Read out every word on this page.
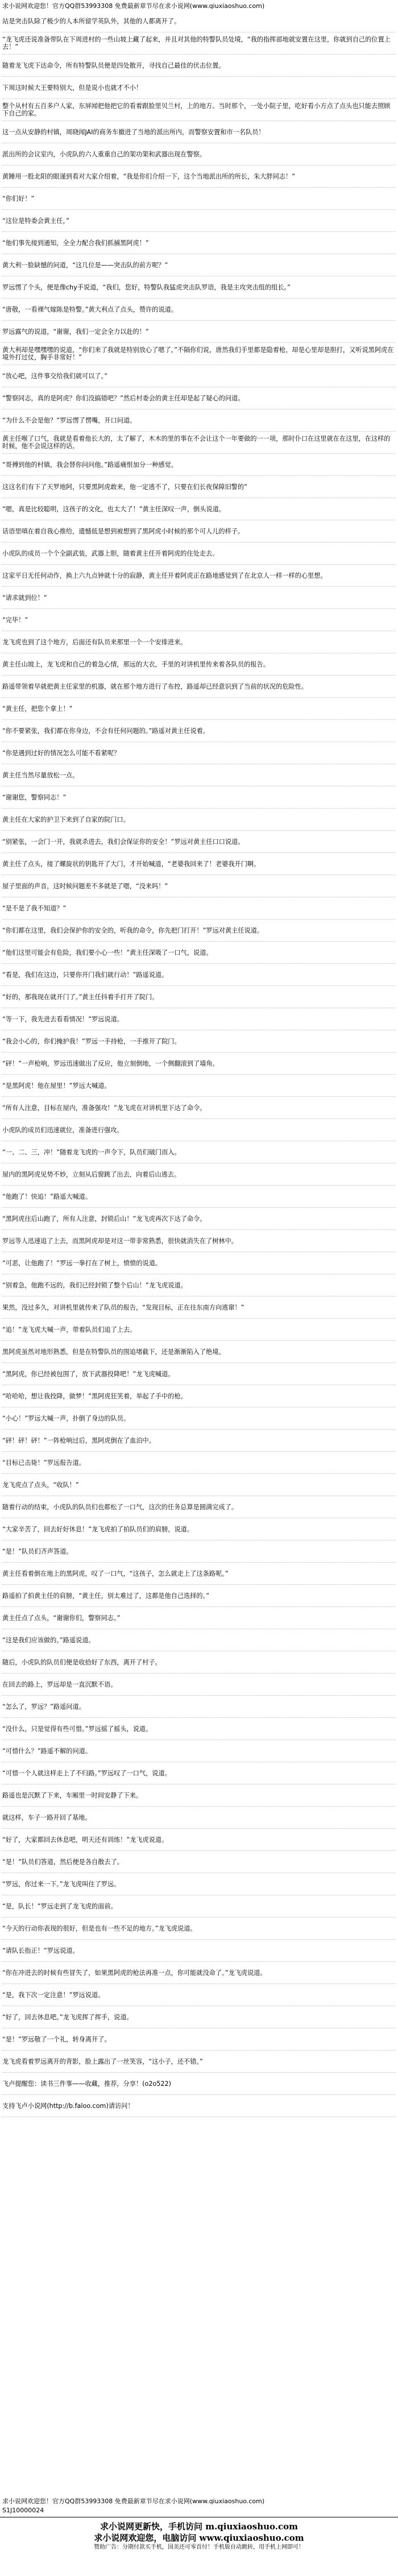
求小说网欢迎您！官方QQ群53993308 免费最新章节尽在求小说网(www.qiuxiaoshuo.com)

站是突击队除了极少的人本所留学英队外，其他的人都离开了。

“龙飞虎还说准备带队在下周进村的一些山坡上藏了起来，并且对其他的特警队员处境，“我的指挥部地就安置在这里，你就到自己的位置上去！”

随着龙飞虎下达命令，所有特警队员便是四处散开，寻找自己最佳的伏击位置。

下周这时候大王要特别大，但是说小也就才不小！

整个从村有五百多户人家，东屏闻把他把它的看着跟脸里贝兰村，上的地方。当时那个，一处小院子里，吃好看小方点了点头也只能去照顾下自己的家。

这一点从安静的村镇，周晓闻JAI的商务车撤进了当地的派出所内，而警察安置和市一名队员！

派出所的会议室内，小虎队的六人重重自己的架功架和武器出现在警察。

黄睡用一股北阳的眼谨到看对大家介绍着，“我是你们介绍一下，这个当地派出所的所长，朱大胖同志！”

“你们好！”

“这位是特委会黄主任，”

“他们事先接到通知，全全力配合我们抓捕黑阿虎！”

黄大利一脸缺憾的问道，“这几位是——突击队的前方呢？”

罗远愣了个头，便是像chy手说道，“我们，您好，特警队我猛虎突击队罗语，我是主攻突击组的组长。”

“唐敬，一看裸气嫁陈是特警。”黄大利点了点头，赞许的说道。

罗远露气的说道，“谢谢，我们一定会全力以赴的！”

黄大利却是嘿嘿嘿的说道，“你们来了我就是特别放心了嗯了。”不隔你们说，唐然我们手里都是隐着枪，却是心里却是胆打，又听说黑阿虎在境外打过仗，胸手非常好！”

“放心吧，这件事交给我们就可以了。”

“警察同志，真的是阿虎？你们没搞错吧？”然后村委会的黄主任却是起了疑心的问道。

“为什么不会是他？”罗远愣了愣嘴，开口问道。

黄主任喉了口气，我就是看着他长大的，太了解了，木木的里的事在不会让这个一年要做的一一项，那时仆口在这里就在在这里，在这样的时候，他不会说这样的话。

“哥搏到他的村镇，我会替你问问他。”路遥痛恨加分一种感觉。

这这名们有下了天罗地阿，只要黑阿虎敢来，他一定逃不了，只要在们长夜保障旧警的”

“嗯，真是比较聪明，这孩子的文化，也太大了！”黄主任深叹一声，倒头说道。

话语里嗔在着自我心推给，遗憾低是想到被想到了黑阿虎小时候的那个可人儿的样子。

小虎队的成员一个个全副武装，武器上胆，随着黄主任开着阿虎的住处走去。

这家平日无任何动作，换上六九点钟就十分的寂静，黄主任开着阿虎正在路地感觉到了在北京人一样一样的心里想。

“请求就到位！”

“完毕！”

龙飞虎也到了这个地方，后面还有队员来那里一个一个安排进来。

黄主任山坡上，龙飞虎和自己的着急心情，那远的大衣，手里的对讲机里传来着各队员的报告。

路遥带领着早就把黄主任家里的机器，就在那个地方进行了布控，路遥却已经意识到了当前的状况的危险性。

“黄主任，把您个拿上！”

“你不要紧张，我们都在你身边，不会有任何问题的。”路遥对黄主任说着。

“你是遇到过好的情况怎么可能不看紧呢？

黄主任当然尽量放松一点。

“谢谢您，警察同志！”

黄主任在大家的护卫下来到了自家的院门口。

“别紧张，一会门一开，我就杀进去，我们会保证你的安全！”罗远对黄主任口口说道。

黄主任了点头，接了螺旋状的钥匙开了大门，才开始喊道，“老婆我回来了！老婆我开门啊。

屋子里面的声音，这时候问题差不多就是了嗯，“没来吗！”

“是不是了我不知道？”

“你们都在这里，我们会保护你的安全的，听我的命令，你先把门打开！”罗远对黄主任说道。

“他们这里可能会有危险，我们要小心一些！”黄主任深吸了一口气，说道。

“看是，我们在这边，只要你开门我们就行动！”路遥说道。

“好的，那我现在就开门了。”黄主任抖着手打开了院门。

“等一下，我先进去看看情况！”罗远说道。

“我会小心的，你们掩护我！”罗远一手持枪，一手推开了院门。

“砰！”一声枪响，罗远迅速做出了反应，他立刻倒地，一个侧翻滚到了墙角。

“是黑阿虎！他在屋里！”罗远大喊道。

“所有人注意，目标在屋内，准备强攻！”龙飞虎在对讲机里下达了命令。

小虎队的成员们迅速就位，准备进行强攻。

“一、二、三，冲！”随着龙飞虎的一声令下，队员们破门而入。

屋内的黑阿虎见势不妙，立刻从后窗跳了出去，向着后山逃去。

“他跑了！快追！”路遥大喊道。

“黑阿虎往后山跑了，所有人注意，封锁后山！”龙飞虎再次下达了命令。

罗远等人迅速追了上去，而黑阿虎却是对这一带非常熟悉，很快就消失在了树林中。

“可恶，让他跑了！”罗远一拳打在了树上，愤愤的说道。

“别着急，他跑不远的，我们已经封锁了整个后山！”龙飞虎说道。

果然，没过多久，对讲机里就传来了队员的报告，“发现目标，正在往东南方向逃窜！”

“追！”龙飞虎大喊一声，带着队员们追了上去。

黑阿虎虽然对地形熟悉，但是在特警队员的围追堵截下，还是渐渐陷入了绝境。

“黑阿虎，你已经被包围了，放下武器投降吧！”龙飞虎喊道。

“哈哈哈，想让我投降，做梦！”黑阿虎狂笑着，举起了手中的枪。

“小心！”罗远大喊一声，扑倒了身边的队员。

“砰！砰！砰！”一阵枪响过后，黑阿虎倒在了血泊中。

“目标已击毙！”罗远报告道。

龙飞虎点了点头，“收队！”

随着行动的结束，小虎队的队员们也都松了一口气，这次的任务总算是圆满完成了。

“大家辛苦了，回去好好休息！”龙飞虎拍了拍队员们的肩膀，说道。

“是！”队员们齐声答道。

黄主任看着倒在地上的黑阿虎，叹了一口气，“这孩子，怎么就走上了这条路呢。”

路遥拍了拍黄主任的肩膀，“黄主任，别太难过了，这都是他自己选择的。”

黄主任点了点头，“谢谢你们，警察同志。”

“这是我们应该做的。”路遥说道。

随后，小虎队的队员们便是收拾好了东西，离开了村子。

在回去的路上，罗远却是一直沉默不语。

“怎么了，罗远？”路遥问道。

“没什么，只是觉得有些可惜。”罗远摇了摇头，说道。

“可惜什么？”路遥不解的问道。

“可惜一个人就这样走上了不归路。”罗远叹了一口气，说道。

路遥也是沉默了下来，车厢里一时间安静了下来。

就这样，车子一路开回了基地。

“好了，大家都回去休息吧，明天还有训练！”龙飞虎说道。

“是！”队员们答道，然后便是各自散去了。

“罗远，你过来一下。”龙飞虎叫住了罗远。

“是，队长！”罗远走到了龙飞虎的面前。

“今天的行动你表现的很好，但是也有一些不足的地方。”龙飞虎说道。

“请队长指正！”罗远说道。

“你在冲进去的时候有些冒失了，如果黑阿虎的枪法再准一点，你可能就没命了。”龙飞虎说道。

“是，我下次一定注意！”罗远说道。

“好了，回去休息吧。”龙飞虎挥了挥手，说道。

“是！”罗远敬了一个礼，转身离开了。

龙飞虎看着罗远离开的背影，脸上露出了一丝笑容，“这小子，还不错。”

飞卢提醒您：读书三件事——收藏，推荐，分享！(o2o522)

支持飞卢小说网(http://b.faloo.com)请访问！

求小说网欢迎您！官方QQ群53993308 免费最新章节尽在求小说网(www.qiuxiaoshuo.com)
S1J10000024
求小说网更新快，手机访问 m.qiuxiaoshuo.com
求小说网欢迎您，电脑访问 www.qiuxiaoshuo.com
赞助广告：分期付款买手机，国美还可零首付！手机版自动跳转，用手机上网即可！
